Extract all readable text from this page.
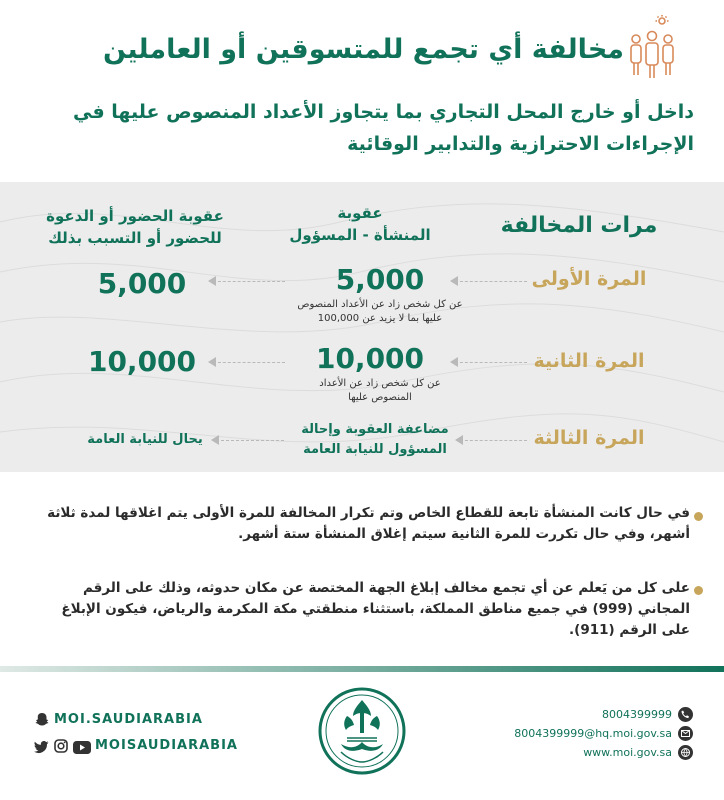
مخالفة أي تجمع للمتسوقين أو العاملين
داخل أو خارج المحل التجاري بما يتجاوز الأعداد المنصوص عليها في الإجراءات الاحترازية والتدابير الوقائية
مرات المخالفة
عقوبة
المنشأة - المسؤول
عقوبة الحضور أو الدعوة
للحضور أو التسبب بذلك
المرة الأولى
5,000
عن كل شخص زاد عن الأعداد المنصوص
عليها بما لا يزيد عن 100,000
5,000
المرة الثانية
10,000
عن كل شخص زاد عن الأعداد
المنصوص عليها
10,000
المرة الثالثة
مضاعفة العقوبة وإحالة
المسؤول للنيابة العامة
يحال للنيابة العامة
في حال كانت المنشأة تابعة للقطاع الخاص وتم تكرار المخالفة للمرة الأولى يتم اغلاقها لمدة ثلاثة أشهر، وفي حال تكررت للمرة الثانية سيتم إغلاق المنشأة ستة أشهر.
على كل من يَعلم عن أي تجمع مخالف إبلاغ الجهة المختصة عن مكان حدوثه، وذلك على الرقم المجاني (999) في جميع مناطق المملكة، باستثناء منطقتي مكة المكرمة والرياض، فيكون الإبلاغ على الرقم (911).
MOI.SAUDIARABIA
MOISAUDIARABIA
8004399999
8004399999@hq.moi.gov.sa
www.moi.gov.sa
